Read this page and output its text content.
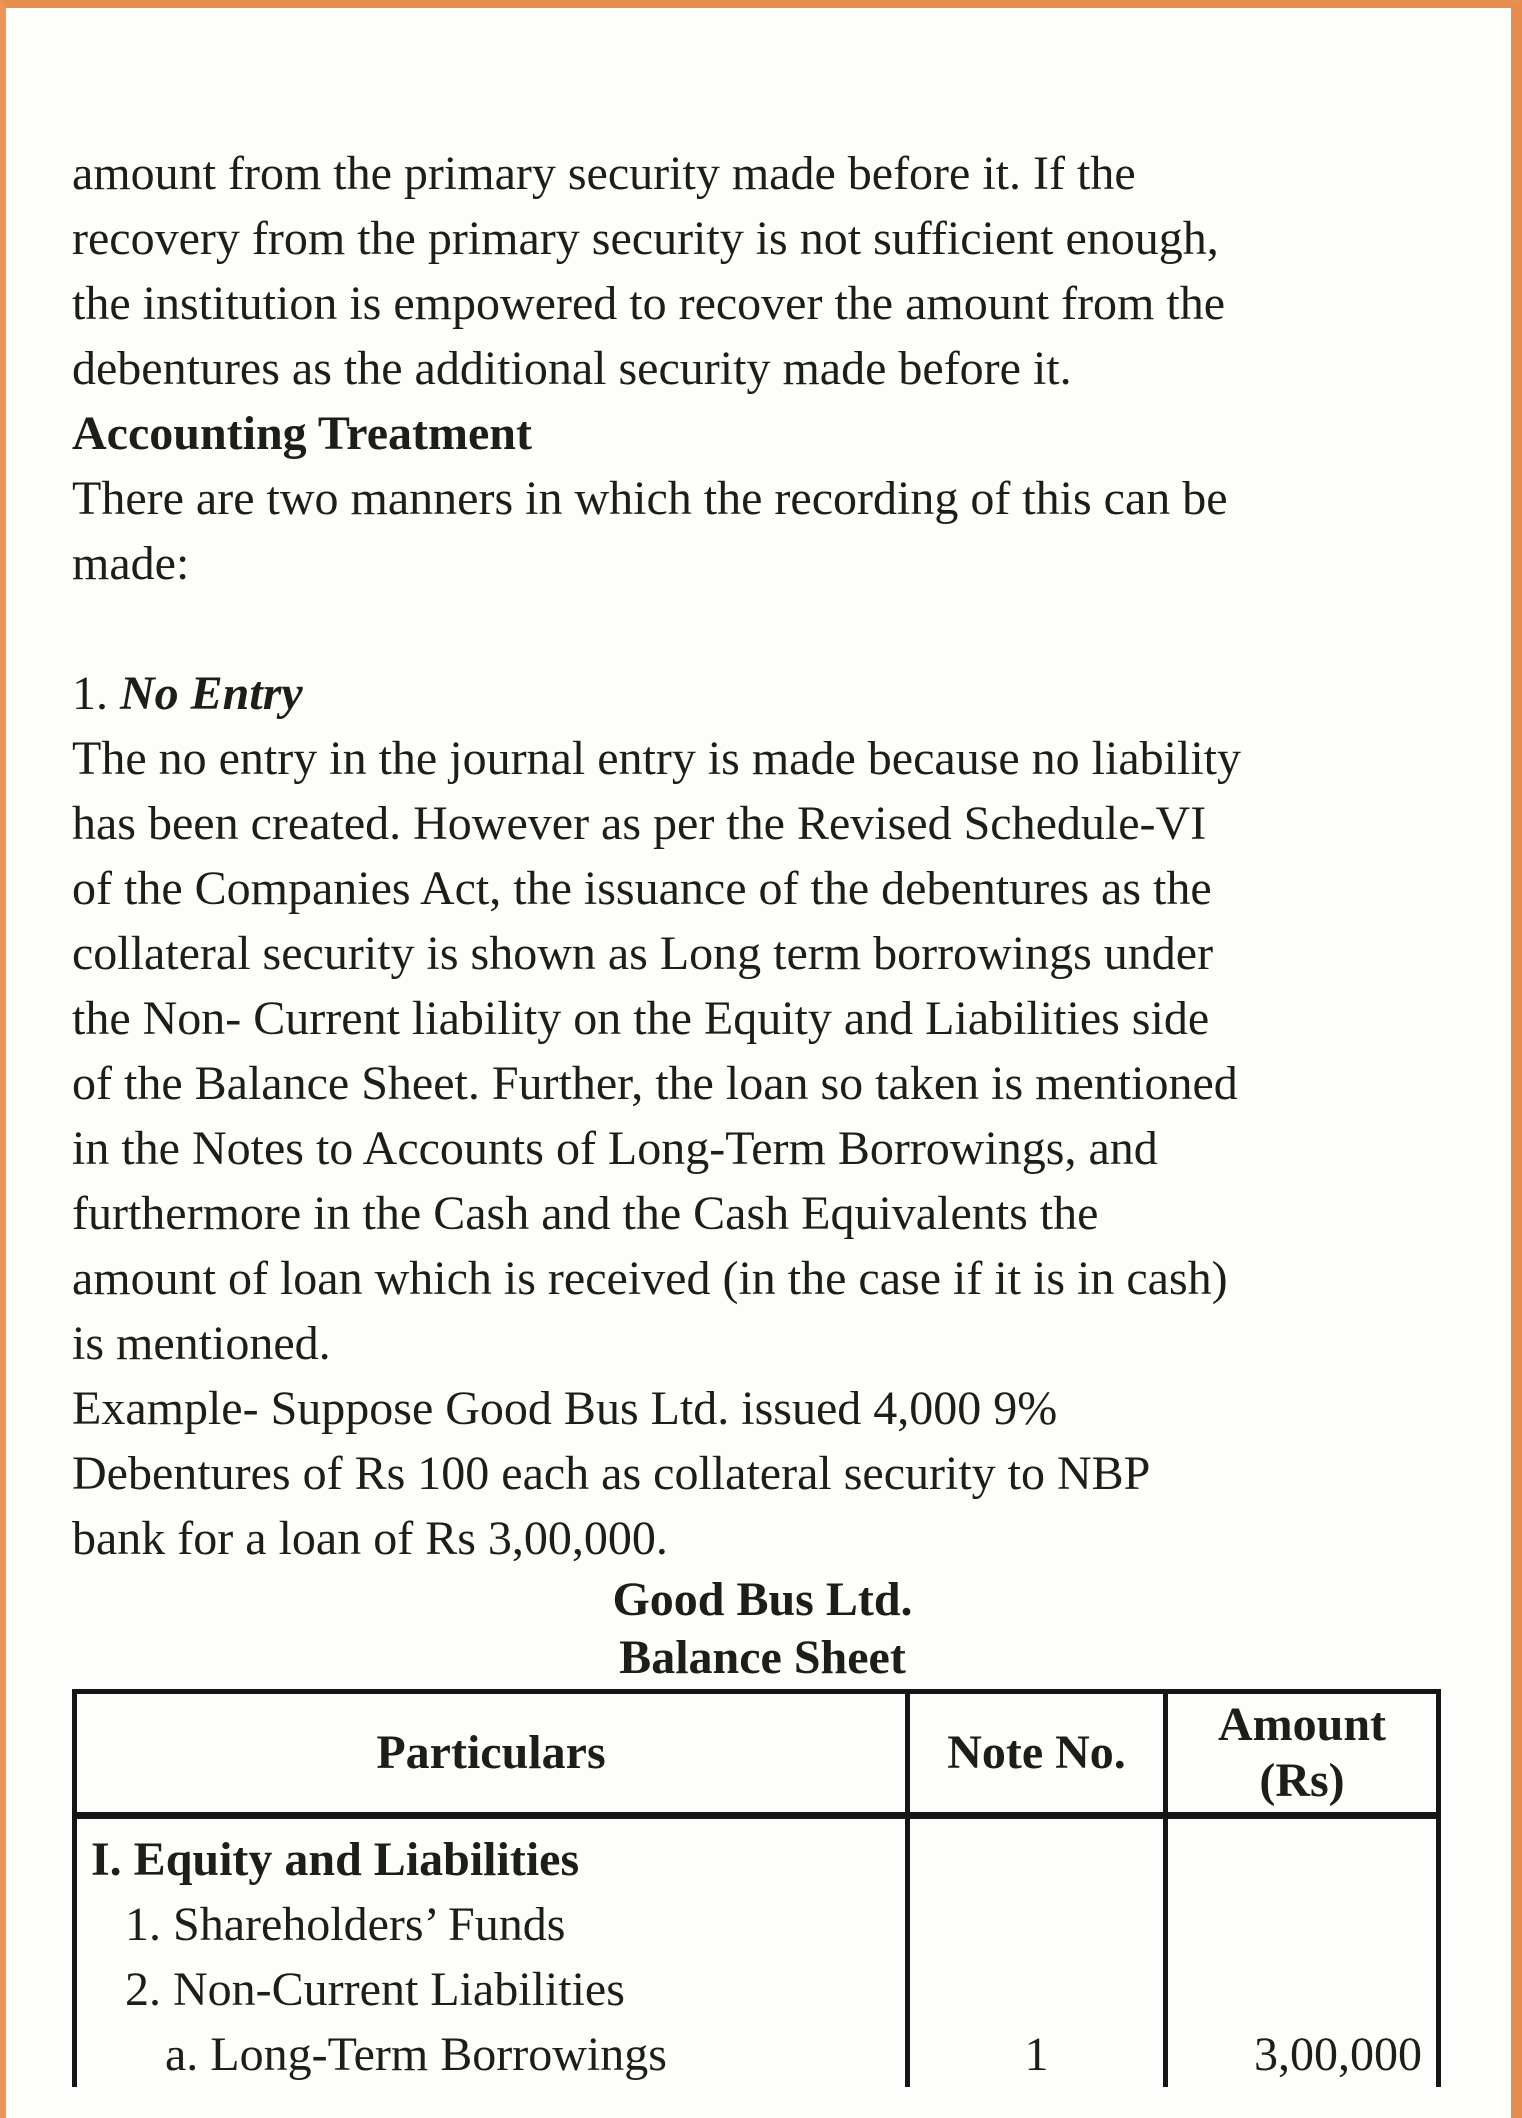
amount from the primary security made before it. If the
recovery from the primary security is not sufficient enough,
the institution is empowered to recover the amount from the
debentures as the additional security made before it.

Accounting Treatment

There are two manners in which the recording of this can be
made:

1. No Entry

The no entry in the journal entry is made because no liability
has been created. However as per the Revised Schedule-VI
of the Companies Act, the issuance of the debentures as the
collateral security is shown as Long term borrowings under
the Non- Current liability on the Equity and Liabilities side
of the Balance Sheet. Further, the loan so taken is mentioned
in the Notes to Accounts of Long-Term Borrowings, and
furthermore in the Cash and the Cash Equivalents the
amount of loan which is received (in the case if it is in cash)
is mentioned.

Example- Suppose Good Bus Ltd. issued 4,000 9%
Debentures of Rs 100 each as collateral security to NBP
bank for a loan of Rs 3,00,000.

Good Bus Ltd.
Balance Sheet
Particulars	Note No.	Amount
(Rs)

I. Equity and Liabilities
1. Shareholders’ Funds
2. Non-Current Liabilities
a. Long-Term Borrowings	1	3,00,000
